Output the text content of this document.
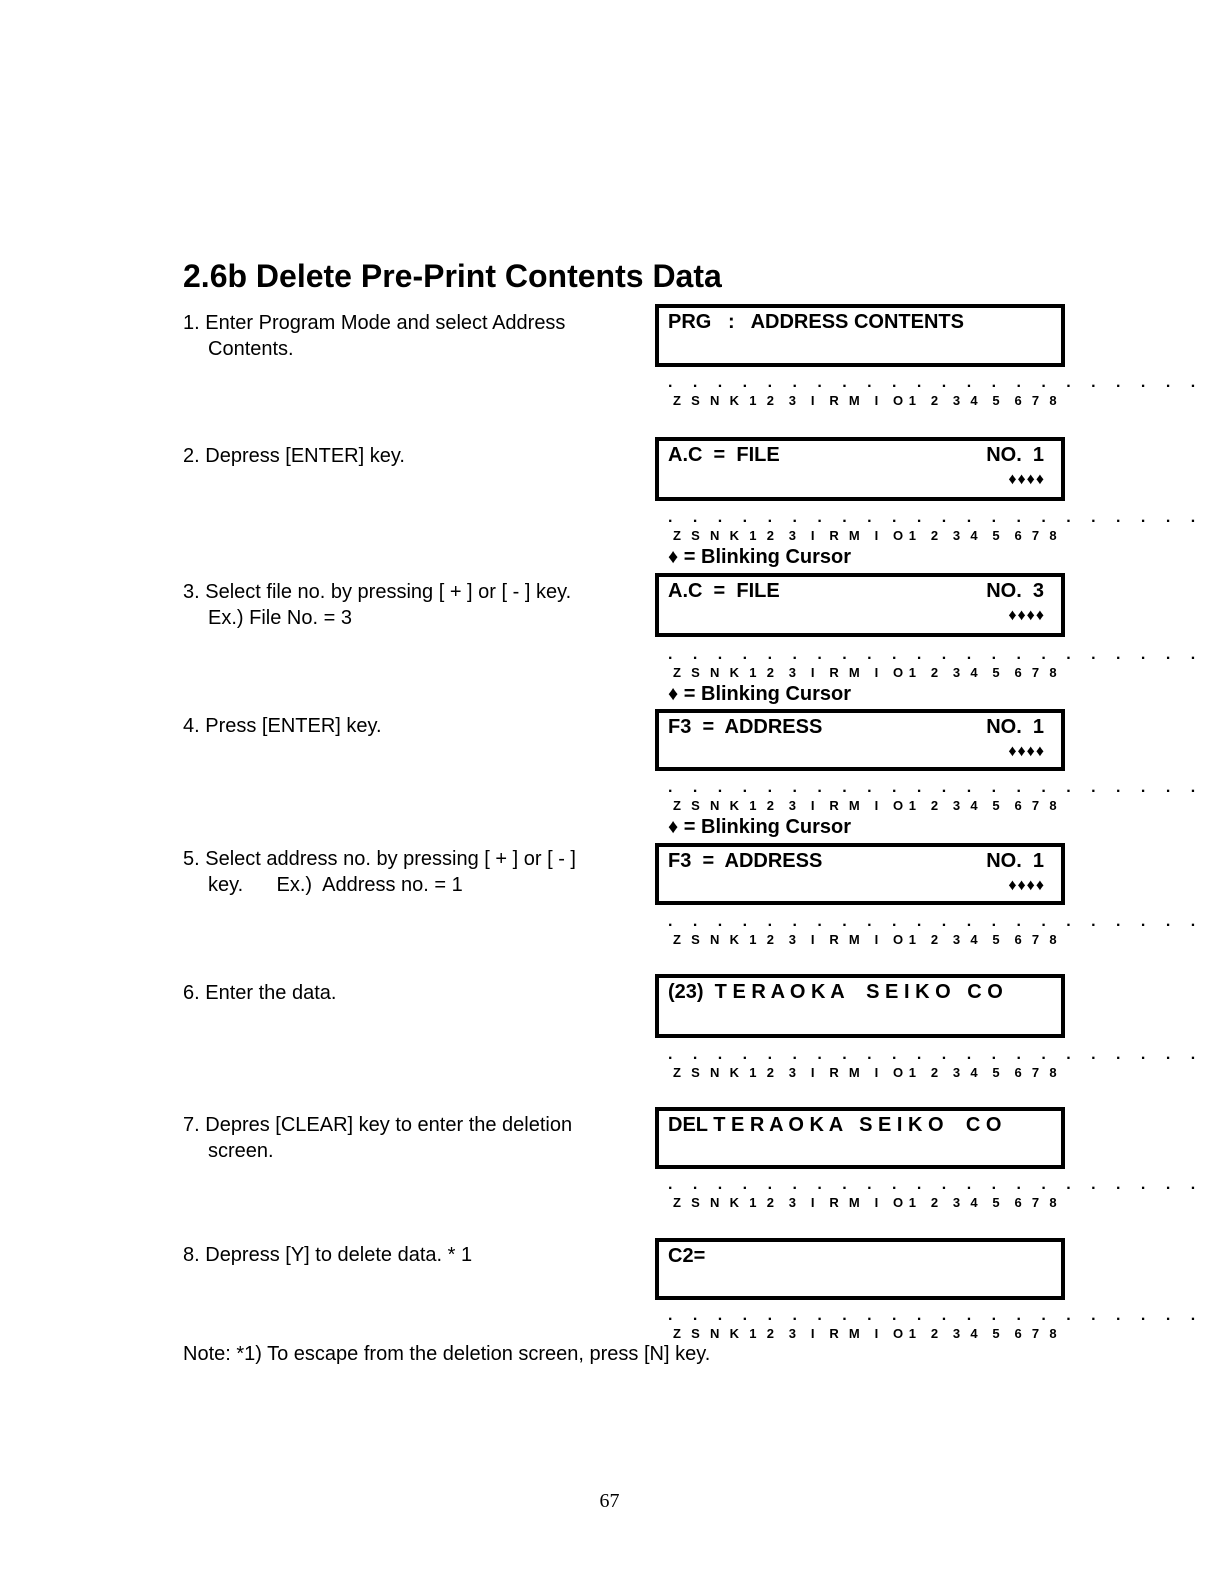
2.6b Delete Pre-Print Contents Data
1. Enter Program Mode and select Address
Contents.
2. Depress [ENTER] key.
3. Select file no. by pressing [ + ] or [ - ] key.
Ex.) File No. = 3
4. Press [ENTER] key.
5. Select address no. by pressing [ + ] or [ - ]
key.      Ex.)  Address no. = 1
6. Enter the data.
7. Depres [CLEAR] key to enter the deletion
screen.
8. Depress [Y] to delete data. * 1
PRG   :   ADDRESS CONTENTS
. . . . . . . . . . . . . . . . . . . . . .
Z  S  N  K  1  2   3   I   R  M   I   O 1   2   3  4   5   6  7  8
A.C  =  FILE	NO.  1
♦♦♦♦
. . . . . . . . . . . . . . . . . . . . . .
Z  S  N  K  1  2   3   I   R  M   I   O 1   2   3  4   5   6  7  8
♦ = Blinking Cursor
A.C  =  FILE	NO.  3
♦♦♦♦
. . . . . . . . . . . . . . . . . . . . . .
Z  S  N  K  1  2   3   I   R  M   I   O 1   2   3  4   5   6  7  8
♦ = Blinking Cursor
F3  =  ADDRESS	NO.  1
♦♦♦♦
. . . . . . . . . . . . . . . . . . . . . .
Z  S  N  K  1  2   3   I   R  M   I   O 1   2   3  4   5   6  7  8
♦ = Blinking Cursor
F3  =  ADDRESS	NO.  1
♦♦♦♦
. . . . . . . . . . . . . . . . . . . . . .
Z  S  N  K  1  2   3   I   R  M   I   O 1   2   3  4   5   6  7  8
(23)  T E R A O K A    S E I K O   C O
. . . . . . . . . . . . . . . . . . . . . .
Z  S  N  K  1  2   3   I   R  M   I   O 1   2   3  4   5   6  7  8
DEL T E R A O K A   S E I K O    C O
. . . . . . . . . . . . . . . . . . . . . .
Z  S  N  K  1  2   3   I   R  M   I   O 1   2   3  4   5   6  7  8
C2=
. . . . . . . . . . . . . . . . . . . . . .
Z  S  N  K  1  2   3   I   R  M   I   O 1   2   3  4   5   6  7  8
Note: *1) To escape from the deletion screen, press [N] key.
67
